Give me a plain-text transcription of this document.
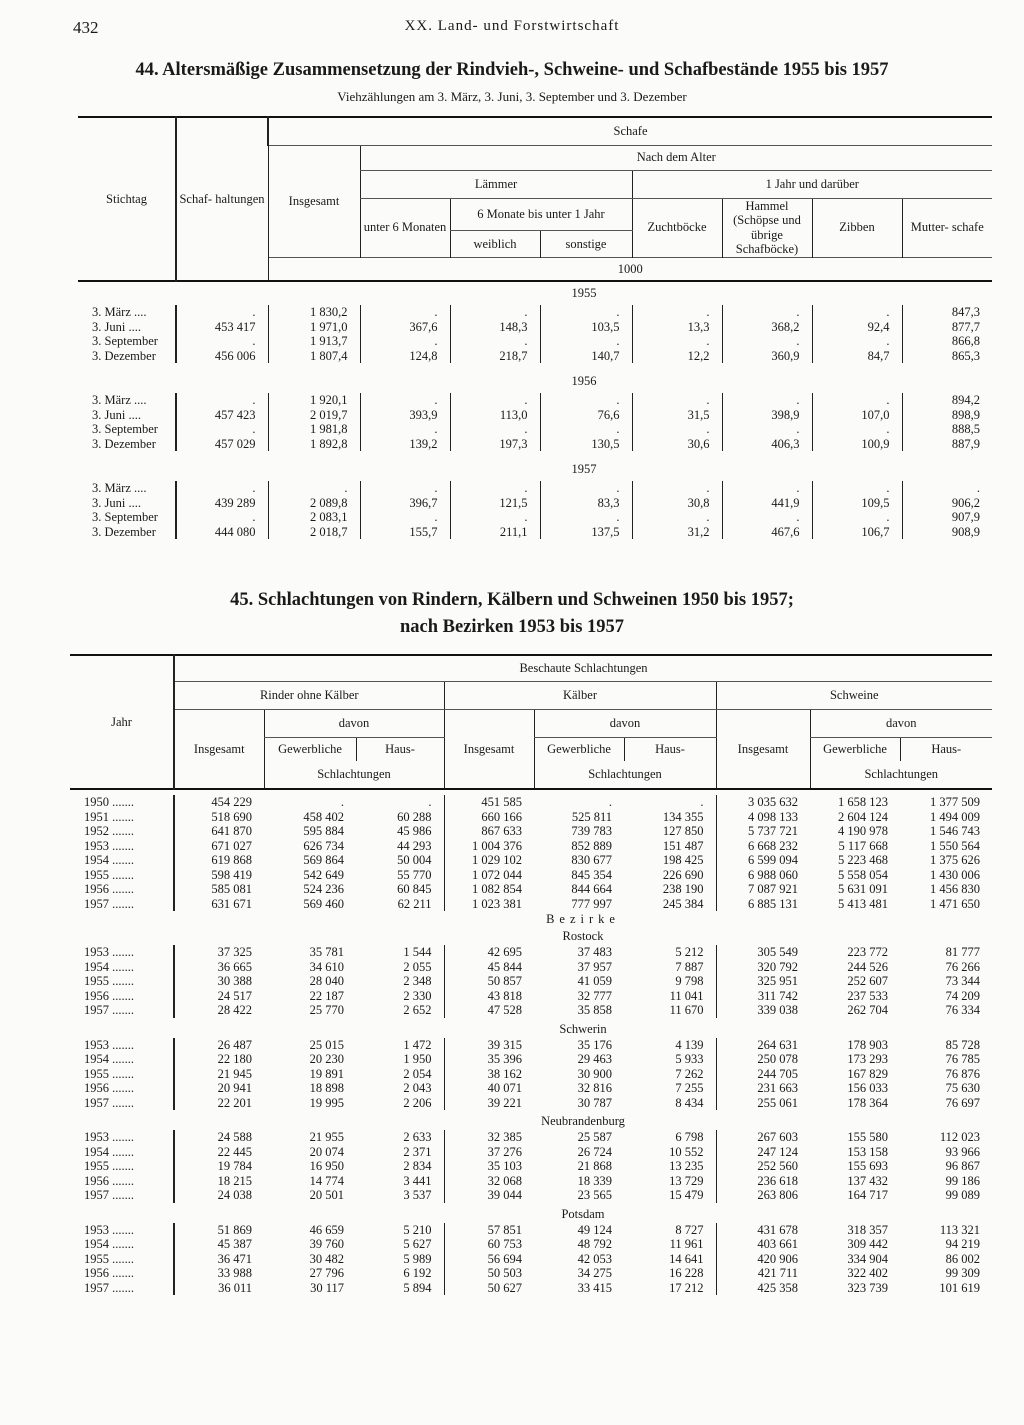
432	XX. Land- und Forstwirtschaft
44. Altersmäßige Zusammensetzung der Rindvieh-, Schweine- und Schafbestände 1955 bis 1957
Viehzählungen am 3. März, 3. Juni, 3. September und 3. Dezember
Stichtag	Schaf- haltungen	Schafe							
		Insgesamt	Nach dem Alter						
			Lämmer			1 Jahr und darüber			
			unter 6 Monaten	6 Monate bis unter 1 Jahr		Zuchtböcke	Hammel (Schöpse und übrige Schafböcke)	Zibben	Mutter- schafe
				weiblich	sonstige				
		1000							
	1955								
3. März ....	.	1 830,2	.	.	.	.	.	.	847,3
3. Juni ....	453 417	1 971,0	367,6	148,3	103,5	13,3	368,2	92,4	877,7
3. September	.	1 913,7	.	.	.	.	.	.	866,8
3. Dezember	456 006	1 807,4	124,8	218,7	140,7	12,2	360,9	84,7	865,3

	1956								
3. März ....	.	1 920,1	.	.	.	.	.	.	894,2
3. Juni ....	457 423	2 019,7	393,9	113,0	76,6	31,5	398,9	107,0	898,9
3. September	.	1 981,8	.	.	.	.	.	.	888,5
3. Dezember	457 029	1 892,8	139,2	197,3	130,5	30,6	406,3	100,9	887,9

	1957								
3. März ....	.	.	.	.	.	.	.	.	.
3. Juni ....	439 289	2 089,8	396,7	121,5	83,3	30,8	441,9	109,5	906,2
3. September	.	2 083,1	.	.	.	.	.	.	907,9
3. Dezember	444 080	2 018,7	155,7	211,1	137,5	31,2	467,6	106,7	908,9

45. Schlachtungen von Rindern, Kälbern und Schweinen 1950 bis 1957;
nach Bezirken 1953 bis 1957
Jahr	Beschaute Schlachtungen								
	Rinder ohne Kälber			Kälber			Schweine		
	Insgesamt	davon		Insgesamt	davon		Insgesamt	davon	
		Gewerbliche	Haus-		Gewerbliche	Haus-		Gewerbliche	Haus-
		Schlachtungen			Schlachtungen			Schlachtungen	

1950 .......	454 229	.	.	451 585	.	.	3 035 632	1 658 123	1 377 509
1951 .......	518 690	458 402	60 288	660 166	525 811	134 355	4 098 133	2 604 124	1 494 009
1952 .......	641 870	595 884	45 986	867 633	739 783	127 850	5 737 721	4 190 978	1 546 743
1953 .......	671 027	626 734	44 293	1 004 376	852 889	151 487	6 668 232	5 117 668	1 550 564
1954 .......	619 868	569 864	50 004	1 029 102	830 677	198 425	6 599 094	5 223 468	1 375 626
1955 .......	598 419	542 649	55 770	1 072 044	845 354	226 690	6 988 060	5 558 054	1 430 006
1956 .......	585 081	524 236	60 845	1 082 854	844 664	238 190	7 087 921	5 631 091	1 456 830
1957 .......	631 671	569 460	62 211	1 023 381	777 997	245 384	6 885 131	5 413 481	1 471 650
	Bezirke								
	Rostock								
1953 .......	37 325	35 781	1 544	42 695	37 483	5 212	305 549	223 772	81 777
1954 .......	36 665	34 610	2 055	45 844	37 957	7 887	320 792	244 526	76 266
1955 .......	30 388	28 040	2 348	50 857	41 059	9 798	325 951	252 607	73 344
1956 .......	24 517	22 187	2 330	43 818	32 777	11 041	311 742	237 533	74 209
1957 .......	28 422	25 770	2 652	47 528	35 858	11 670	339 038	262 704	76 334

	Schwerin								
1953 .......	26 487	25 015	1 472	39 315	35 176	4 139	264 631	178 903	85 728
1954 .......	22 180	20 230	1 950	35 396	29 463	5 933	250 078	173 293	76 785
1955 .......	21 945	19 891	2 054	38 162	30 900	7 262	244 705	167 829	76 876
1956 .......	20 941	18 898	2 043	40 071	32 816	7 255	231 663	156 033	75 630
1957 .......	22 201	19 995	2 206	39 221	30 787	8 434	255 061	178 364	76 697

	Neubrandenburg								
1953 .......	24 588	21 955	2 633	32 385	25 587	6 798	267 603	155 580	112 023
1954 .......	22 445	20 074	2 371	37 276	26 724	10 552	247 124	153 158	93 966
1955 .......	19 784	16 950	2 834	35 103	21 868	13 235	252 560	155 693	96 867
1956 .......	18 215	14 774	3 441	32 068	18 339	13 729	236 618	137 432	99 186
1957 .......	24 038	20 501	3 537	39 044	23 565	15 479	263 806	164 717	99 089

	Potsdam								
1953 .......	51 869	46 659	5 210	57 851	49 124	8 727	431 678	318 357	113 321
1954 .......	45 387	39 760	5 627	60 753	48 792	11 961	403 661	309 442	94 219
1955 .......	36 471	30 482	5 989	56 694	42 053	14 641	420 906	334 904	86 002
1956 .......	33 988	27 796	6 192	50 503	34 275	16 228	421 711	322 402	99 309
1957 .......	36 011	30 117	5 894	50 627	33 415	17 212	425 358	323 739	101 619
